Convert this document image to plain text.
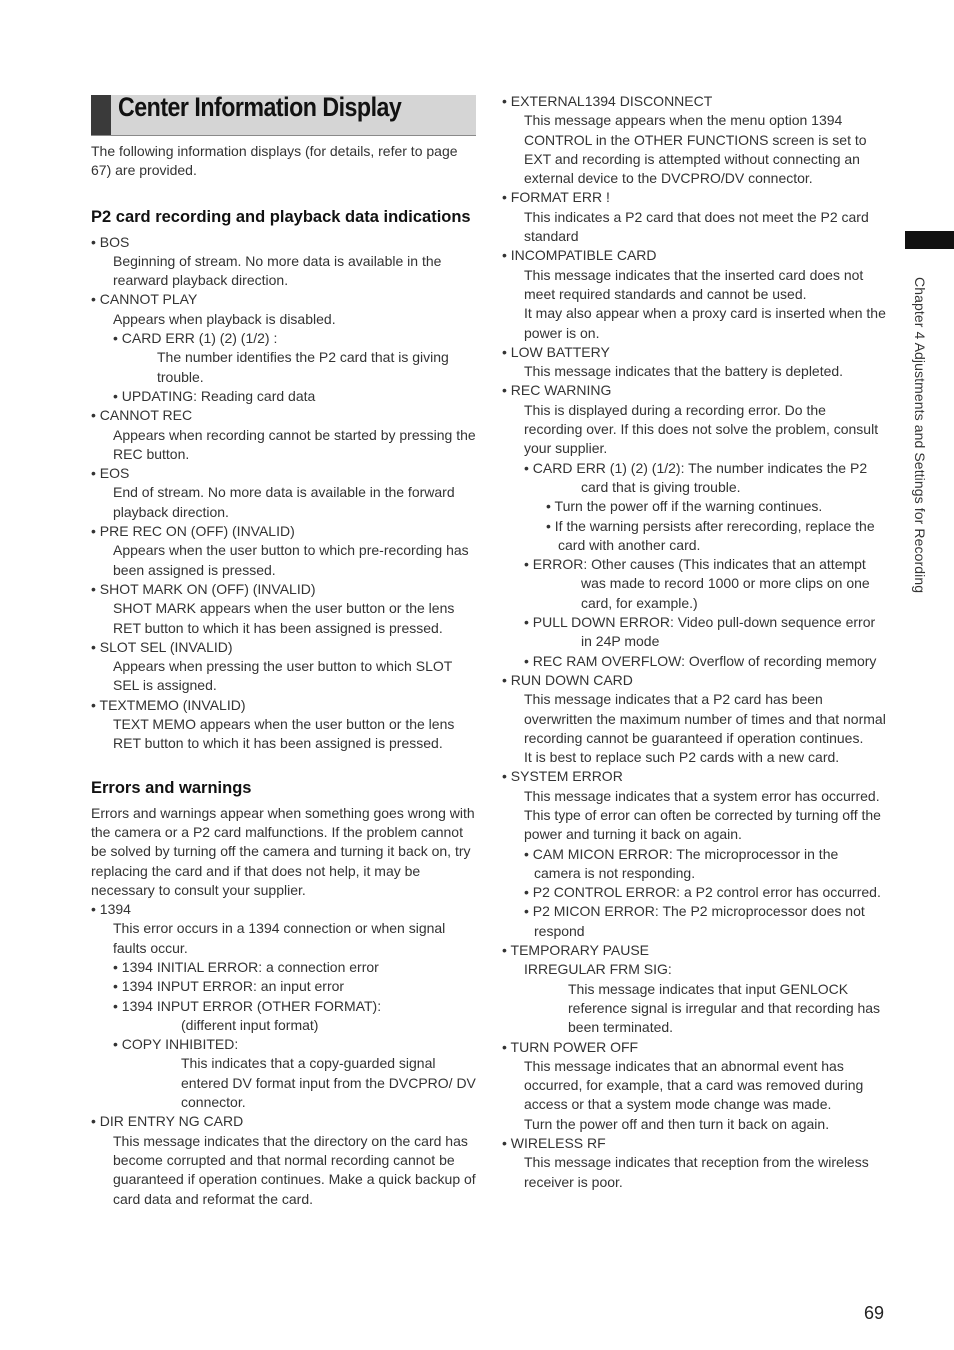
Center Information Display

The following information displays (for details, refer to page 67) are provided.

P2 card recording and playback data indications

• BOS

Beginning of stream. No more data is available in the rearward playback direction.

• CANNOT PLAY

Appears when playback is disabled.

• CARD ERR (1) (2) (1/2) :

The number identifies the P2 card that is giving trouble.

• UPDATING: Reading card data

• CANNOT REC

Appears when recording cannot be started by pressing the REC button.

• EOS

End of stream. No more data is available in the forward playback direction.

• PRE REC ON (OFF) (INVALID)

Appears when the user button to which pre-recording has been assigned is pressed.

• SHOT MARK ON (OFF) (INVALID)

SHOT MARK appears when the user button or the lens RET button to which it has been assigned is pressed.

• SLOT SEL (INVALID)

Appears when pressing the user button to which SLOT SEL is assigned.

• TEXTMEMO (INVALID)

TEXT MEMO appears when the user button or the lens RET button to which it has been assigned is pressed.

Errors and warnings

Errors and warnings appear when something goes wrong with the camera or a P2 card malfunctions. If the problem cannot be solved by turning off the camera and turning it back on, try replacing the card and if that does not help, it may be necessary to consult your supplier.

• 1394

This error occurs in a 1394 connection or when signal faults occur.

• 1394 INITIAL ERROR: a connection error

• 1394 INPUT ERROR: an input error

• 1394 INPUT ERROR (OTHER FORMAT):

(different input format)

• COPY INHIBITED:

This indicates that a copy-guarded signal entered DV format input from the DVCPRO/ DV connector.

• DIR ENTRY NG CARD

This message indicates that the directory on the card has become corrupted and that normal recording cannot be guaranteed if operation continues. Make a quick backup of card data and reformat the card.

• EXTERNAL1394 DISCONNECT

This message appears when the menu option 1394 CONTROL in the OTHER FUNCTIONS screen is set to EXT and recording is attempted without connecting an external device to the DVCPRO/DV connector.

• FORMAT ERR !

This indicates a P2 card that does not meet the P2 card standard

• INCOMPATIBLE CARD

This message indicates that the inserted card does not meet required standards and cannot be used.

It may also appear when a proxy card is inserted when the power is on.

• LOW BATTERY

This message indicates that the battery is depleted.

• REC WARNING

This is displayed during a recording error. Do the recording over. If this does not solve the problem, consult your supplier.

• CARD ERR (1) (2) (1/2): The number indicates the P2 card that is giving trouble.

• Turn the power off if the warning continues.

• If the warning persists after rerecording, replace the card with another card.

• ERROR: Other causes (This indicates that an attempt was made to record 1000 or more clips on one card, for example.)

• PULL DOWN ERROR: Video pull-down sequence error in 24P mode

• REC RAM OVERFLOW: Overflow of recording memory

• RUN DOWN CARD

This message indicates that a P2 card has been overwritten the maximum number of times and that normal recording cannot be guaranteed if operation continues.

It is best to replace such P2 cards with a new card.

• SYSTEM ERROR

This message indicates that a system error has occurred. This type of error can often be corrected by turning off the power and turning it back on again.

• CAM MICON ERROR: The microprocessor in the camera is not responding.

• P2 CONTROL ERROR: a P2 control error has occurred.

• P2 MICON ERROR: The P2 microprocessor does not respond

• TEMPORARY PAUSE

IRREGULAR FRM SIG:

This message indicates that input GENLOCK reference signal is irregular and that recording has been terminated.

• TURN POWER OFF

This message indicates that an abnormal event has occurred, for example, that a card was removed during access or that a system mode change was made.

Turn the power off and then turn it back on again.

• WIRELESS RF

This message indicates that reception from the wireless receiver is poor.

Chapter 4 Adjustments and Settings for Recording
69
